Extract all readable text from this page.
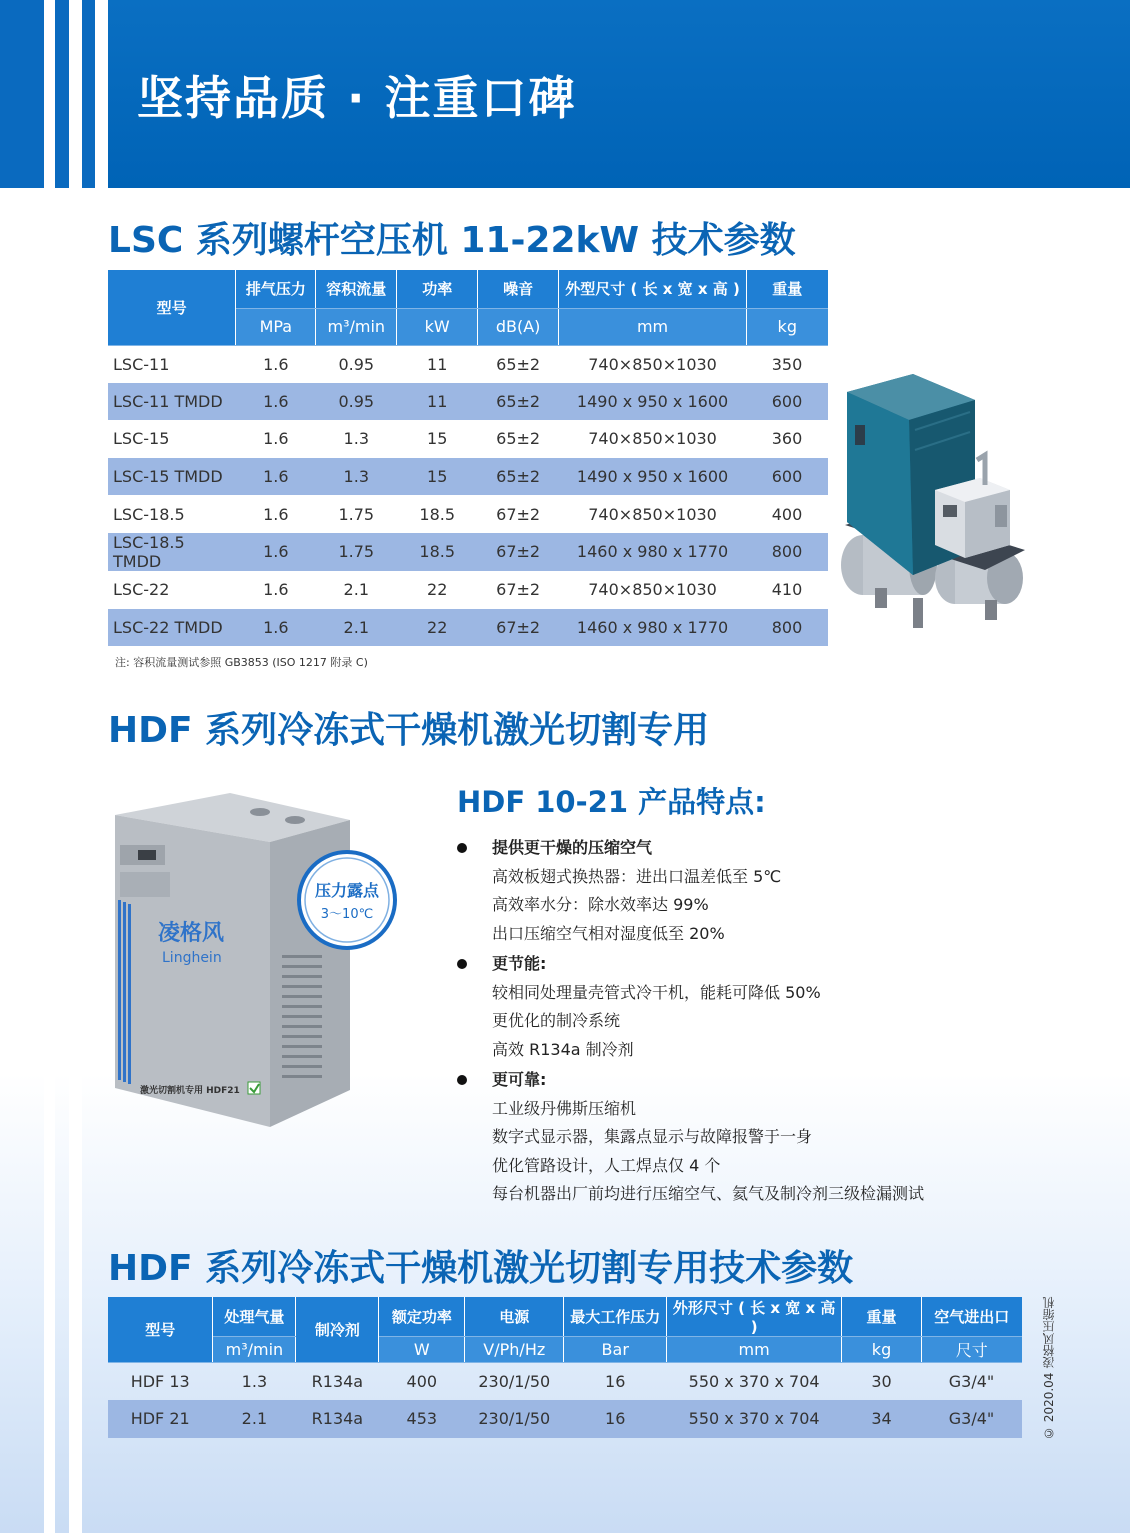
坚持品质 · 注重口碑
LSC 系列螺杆空压机 11-22kW 技术参数
型号	排气压力	容积流量	功率	噪音	外型尺寸 ( 长 x 宽 x 高 )	重量
	MPa	m³/min	kW	dB(A)	mm	kg
LSC-11	1.6	0.95	11	65±2	740×850×1030	350
LSC-11 TMDD	1.6	0.95	11	65±2	1490 x 950 x 1600	600
LSC-15	1.6	1.3	15	65±2	740×850×1030	360
LSC-15 TMDD	1.6	1.3	15	65±2	1490 x 950 x 1600	600
LSC-18.5	1.6	1.75	18.5	67±2	740×850×1030	400
LSC-18.5 TMDD	1.6	1.75	18.5	67±2	1460 x 980 x 1770	800
LSC-22	1.6	2.1	22	67±2	740×850×1030	410
LSC-22 TMDD	1.6	2.1	22	67±2	1460 x 980 x 1770	800
注: 容积流量测试参照 GB3853 (ISO 1217 附录 C)
HDF 系列冷冻式干燥机激光切割专用
凌格风
Linghein
激光切割机专用 HDF21
压力露点
3～10℃
HDF 10-21 产品特点:
提供更干燥的压缩空气
高效板翅式换热器：进出口温差低至 5℃
高效率水分：除水效率达 99%
出口压缩空气相对湿度低至 20%
更节能:
较相同处理量壳管式冷干机，能耗可降低 50%
更优化的制冷系统
高效 R134a 制冷剂
更可靠:
工业级丹佛斯压缩机
数字式显示器，集露点显示与故障报警于一身
优化管路设计，人工焊点仅 4 个
每台机器出厂前均进行压缩空气、氦气及制冷剂三级检漏测试
HDF 系列冷冻式干燥机激光切割专用技术参数
型号	处理气量	制冷剂	额定功率	电源	最大工作压力	外形尺寸 ( 长 x 宽 x 高 )	重量	空气进出口
	m³/min		W	V/Ph/Hz	Bar	mm	kg	尺寸
HDF 13	1.3	R134a	400	230/1/50	16	550 x 370 x 704	30	G3/4"
HDF 21	2.1	R134a	453	230/1/50	16	550 x 370 x 704	34	G3/4"	© 2020.04 凌格风压缩机
